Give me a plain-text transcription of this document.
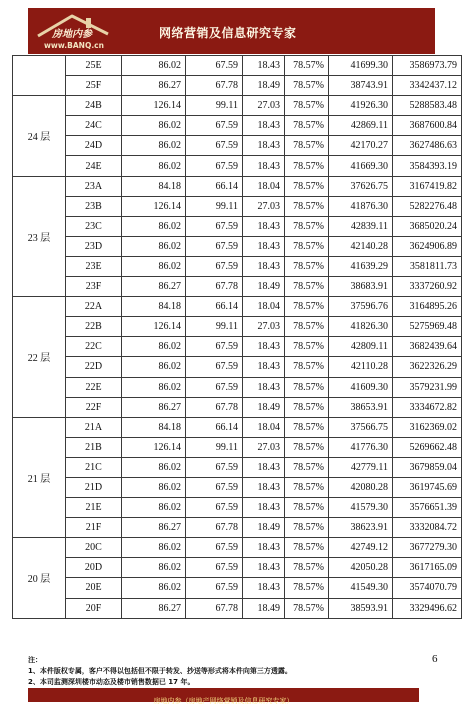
房地内参
www.BANQ.cn
网络营销及信息研究专家
	25E	86.02	67.59	18.43	78.57%	41699.30	3586973.79
	25F	86.27	67.78	18.49	78.57%	38743.91	3342437.12
24 层	24B	126.14	99.11	27.03	78.57%	41926.30	5288583.48
	24C	86.02	67.59	18.43	78.57%	42869.11	3687600.84
	24D	86.02	67.59	18.43	78.57%	42170.27	3627486.63
	24E	86.02	67.59	18.43	78.57%	41669.30	3584393.19
23 层	23A	84.18	66.14	18.04	78.57%	37626.75	3167419.82
	23B	126.14	99.11	27.03	78.57%	41876.30	5282276.48
	23C	86.02	67.59	18.43	78.57%	42839.11	3685020.24
	23D	86.02	67.59	18.43	78.57%	42140.28	3624906.89
	23E	86.02	67.59	18.43	78.57%	41639.29	3581811.73
	23F	86.27	67.78	18.49	78.57%	38683.91	3337260.92
22 层	22A	84.18	66.14	18.04	78.57%	37596.76	3164895.26
	22B	126.14	99.11	27.03	78.57%	41826.30	5275969.48
	22C	86.02	67.59	18.43	78.57%	42809.11	3682439.64
	22D	86.02	67.59	18.43	78.57%	42110.28	3622326.29
	22E	86.02	67.59	18.43	78.57%	41609.30	3579231.99
	22F	86.27	67.78	18.49	78.57%	38653.91	3334672.82
21 层	21A	84.18	66.14	18.04	78.57%	37566.75	3162369.02
	21B	126.14	99.11	27.03	78.57%	41776.30	5269662.48
	21C	86.02	67.59	18.43	78.57%	42779.11	3679859.04
	21D	86.02	67.59	18.43	78.57%	42080.28	3619745.69
	21E	86.02	67.59	18.43	78.57%	41579.30	3576651.39
	21F	86.27	67.78	18.49	78.57%	38623.91	3332084.72
20 层	20C	86.02	67.59	18.43	78.57%	42749.12	3677279.30
	20D	86.02	67.59	18.43	78.57%	42050.28	3617165.09
	20E	86.02	67.59	18.43	78.57%	41549.30	3574070.79
	20F	86.27	67.78	18.49	78.57%	38593.91	3329496.62
6
注：
1、本件版权专属，客户不得以包括但不限于转发、抄送等形式将本件向第三方透露。
2、本司监测深圳楼市动态及楼市销售数据已 17 年。
房地内参（房地产网络营销及信息研究专家）
